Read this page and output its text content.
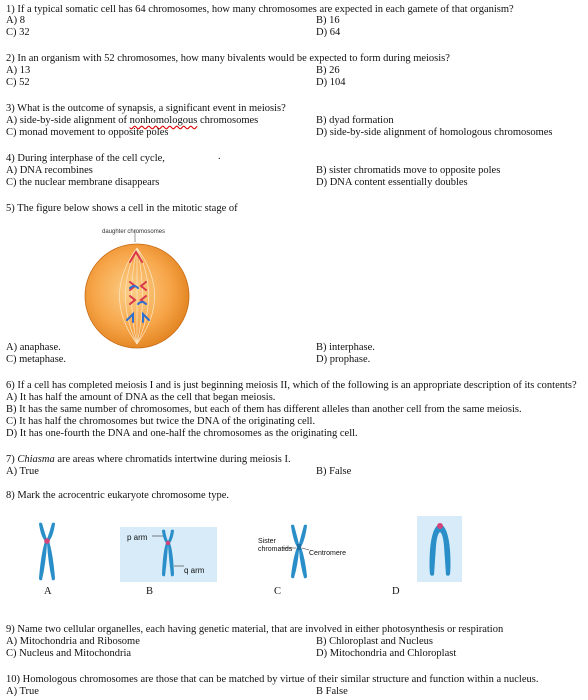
1) If a typical somatic cell has 64 chromosomes, how many chromosomes are expected in each gamete of that organism?
A) 8	B) 16
C) 32	D) 64
2) In an organism with 52 chromosomes, how many bivalents would be expected to form during meiosis?
A) 13	B) 26
C) 52	D) 104
3) What is the outcome of synapsis, a significant event in meiosis?
A) side-by-side alignment of nonhomologous chromosomes	B) dyad formation
C) monad movement to opposite poles	D) side-by-side alignment of homologous chromosomes
4) During interphase of the cell cycle,	.
A) DNA recombines	B) sister chromatids move to opposite poles
C) the nuclear membrane disappears	D) DNA content essentially doubles
5) The figure below shows a cell in the mitotic stage of
daughter chromosomes
A) anaphase.	B) interphase.
C) metaphase.	D) prophase.
6) If a cell has completed meiosis I and is just beginning meiosis II, which of the following is an appropriate description of its contents?
A) It has half the amount of DNA as the cell that began meiosis.
B) It has the same number of chromosomes, but each of them has different alleles than another cell from the same meiosis.
C) It has half the chromosomes but twice the DNA of the originating cell.
D) It has one-fourth the DNA and one-half the chromosomes as the originating cell.
7) Chiasma are areas where chromatids intertwine during meiosis I.
A) True	B) False
8) Mark the acrocentric eukaryote chromosome type.
A
p arm
q arm
B
Sister chromatids
Centromere
C	D
9) Name two cellular organelles, each having genetic material, that are involved in either photosynthesis or respiration
A) Mitochondria and Ribosome	B) Chloroplast and Nucleus
C) Nucleus and Mitochondria	D) Mitochondria and Chloroplast
10) Homologous chromosomes are those that can be matched by virtue of their similar structure and function within a nucleus.
A) True	B False
